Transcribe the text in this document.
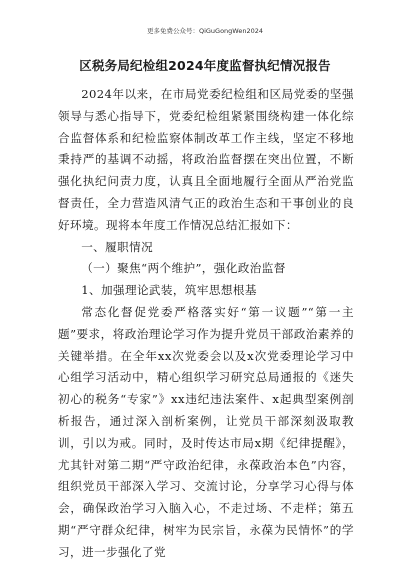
更多免费公众号：QiGuGongWen2024
区税务局纪检组2024年度监督执纪情况报告

2024年以来，在市局党委纪检组和区局党委的坚强领导与悉心指导下，党委纪检组紧紧围绕构建一体化综合监督体系和纪检监察体制改革工作主线，坚定不移地秉持严的基调不动摇，将政治监督摆在突出位置，不断强化执纪问责力度，认真且全面地履行全面从严治党监督责任，全力营造风清气正的政治生态和干事创业的良好环境。现将本年度工作情况总结汇报如下：

一、履职情况

（一）聚焦“两个维护”，强化政治监督

1、加强理论武装，筑牢思想根基

常态化督促党委严格落实好“第一议题”“第一主题”要求，将政治理论学习作为提升党员干部政治素养的关键举措。在全年xx次党委会以及x次党委理论学习中心组学习活动中，精心组织学习研究总局通报的《迷失初心的税务“专家”》xx违纪违法案件、x起典型案例剖析报告，通过深入剖析案例，让党员干部深刻汲取教训，引以为戒。同时，及时传达市局x期《纪律提醒》，尤其针对第二期“严守政治纪律，永葆政治本色”内容，组织党员干部深入学习、交流讨论，分享学习心得与体会，确保政治学习入脑入心，不走过场、不走样；第五期“严守群众纪律，树牢为民宗旨，永葆为民情怀”的学习，进一步强化了党
